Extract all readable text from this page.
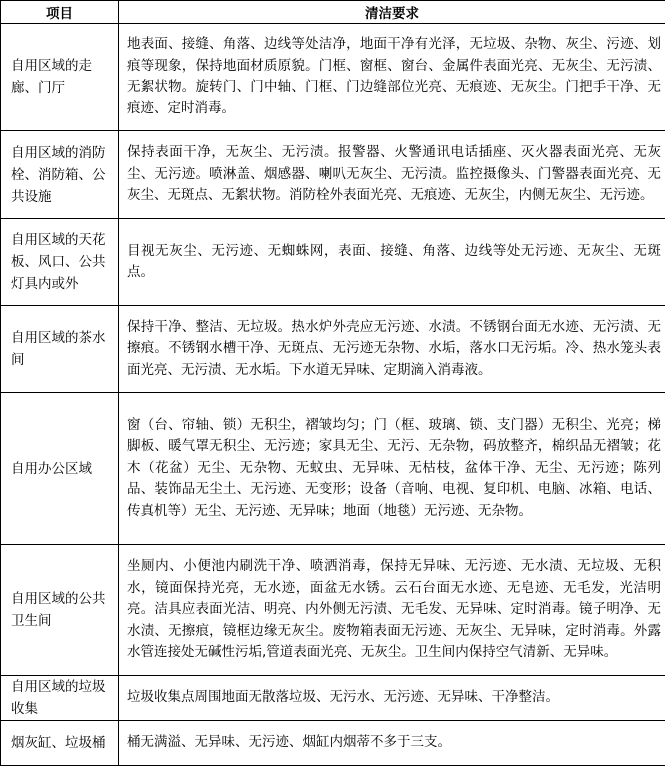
项目	清洁要求
自用区域的走廊、门厅	地表面、接缝、角落、边线等处洁净，地面干净有光泽，无垃圾、杂物、灰尘、污迹、划痕等现象，保持地面材质原貌。门框、窗框、窗台、金属件表面光亮、无灰尘、无污渍、无絮状物。旋转门、门中轴、门框、门边缝部位光亮、无痕迹、无灰尘。门把手干净、无痕迹、定时消毒。
自用区域的消防栓、消防箱、公共设施	保持表面干净，无灰尘、无污渍。报警器、火警通讯电话插座、灭火器表面光亮、无灰尘、无污迹。喷淋盖、烟感器、喇叭无灰尘、无污渍。监控摄像头、门警器表面光亮、无灰尘、无斑点、无絮状物。消防栓外表面光亮、无痕迹、无灰尘，内侧无灰尘、无污迹。
自用区域的天花板、风口、公共灯具内或外	目视无灰尘、无污迹、无蜘蛛网，表面、接缝、角落、边线等处无污迹、无灰尘、无斑点。
自用区域的茶水间	保持干净、整洁、无垃圾。热水炉外壳应无污迹、水渍。不锈钢台面无水迹、无污渍、无擦痕。不锈钢水槽干净、无斑点、无污迹无杂物、水垢，落水口无污垢。冷、热水笼头表面光亮、无污渍、无水垢。下水道无异味、定期滴入消毒液。
自用办公区域	窗（台、帘轴、锁）无积尘，褶皱均匀；门（框、玻璃、锁、支门器）无积尘、光亮；梯脚板、暖气罩无积尘、无污迹；家具无尘、无污、无杂物，码放整齐，棉织品无褶皱；花木（花盆）无尘、无杂物、无蚊虫、无异味、无枯枝，盆体干净、无尘、无污迹；陈列品、装饰品无尘土、无污迹、无变形；设备（音响、电视、复印机、电脑、冰箱、电话、传真机等）无尘、无污迹、无异味；地面（地毯）无污迹、无杂物。
自用区域的公共卫生间	坐厕内、小便池内刷洗干净、喷洒消毒，保持无异味、无污迹、无水渍、无垃圾、无积水，镜面保持光亮，无水迹，面盆无水锈。云石台面无水迹、无皂迹、无毛发，光洁明亮。洁具应表面光洁、明亮、内外侧无污渍、无毛发、无异味、定时消毒。镜子明净、无水渍、无擦痕，镜框边缘无灰尘。废物箱表面无污迹、无灰尘、无异味，定时消毒。外露水管连接处无碱性污垢,管道表面光亮、无灰尘。卫生间内保持空气清新、无异味。
自用区域的垃圾收集	垃圾收集点周围地面无散落垃圾、无污水、无污迹、无异味、干净整洁。
烟灰缸、垃圾桶	桶无满溢、无异味、无污迹、烟缸内烟蒂不多于三支。
